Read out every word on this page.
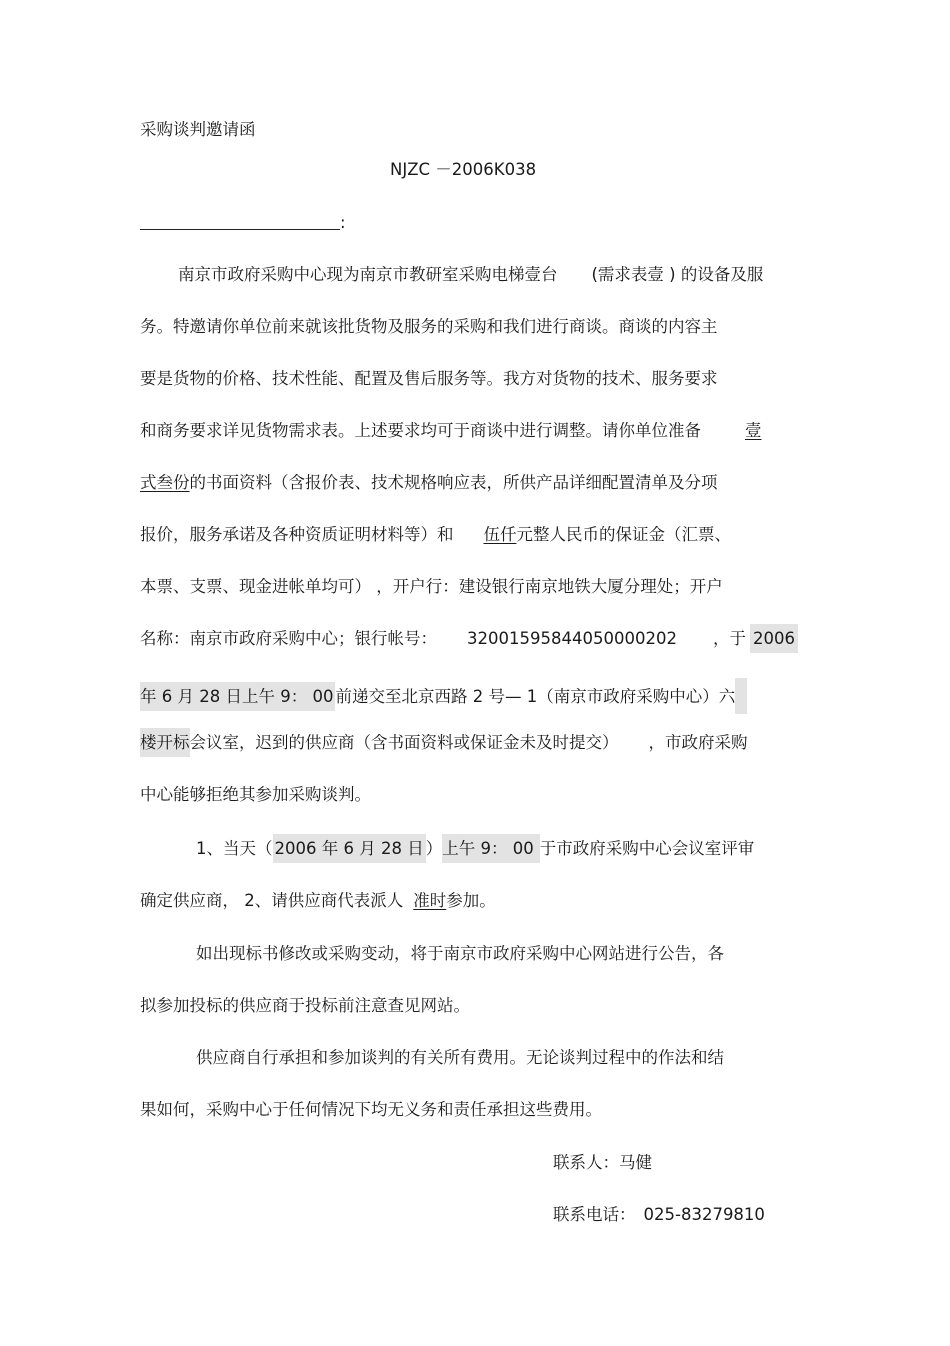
采购谈判邀请函
NJZC －2006K038
:
南京市政府采购中心现为南京市教研室采购电梯壹台 (需求表壹 ) 的设备及服
务。特邀请你单位前来就该批货物及服务的采购和我们进行商谈。商谈的内容主
要是货物的价格、技术性能、配置及售后服务等。我方对货物的技术、服务要求
和商务要求详见货物需求表。上述要求均可于商谈中进行调整。请你单位准备	壹
式叁份的书面资料（含报价表、技术规格响应表，所供产品详细配置清单及分项
报价，服务承诺及各种资质证明材料等）和 伍仟元整人民币的保证金（汇票、
本票、支票、现金进帐单均可） ，开户行：建设银行南京地铁大厦分理处；开户
名称：南京市政府采购中心；银行帐号： 32001595844050000202 ，于 2006
年 6 月 28 日上午 9： 00 前递交至北京西路 2 号— 1（南京市政府采购中心）六
楼开标会议室，迟到的供应商（含书面资料或保证金未及时提交） ，市政府采购
中心能够拒绝其参加采购谈判。
1、当天（ 2006 年 6 月 28 日 ）上午 9： 00 于市政府采购中心会议室评审
确定供应商， 2、请供应商代表派人 准时参加。
如出现标书修改或采购变动，将于南京市政府采购中心网站进行公告，各
拟参加投标的供应商于投标前注意查见网站。
供应商自行承担和参加谈判的有关所有费用。无论谈判过程中的作法和结
果如何，采购中心于任何情况下均无义务和责任承担这些费用。
联系人：马健
联系电话： 025-83279810
